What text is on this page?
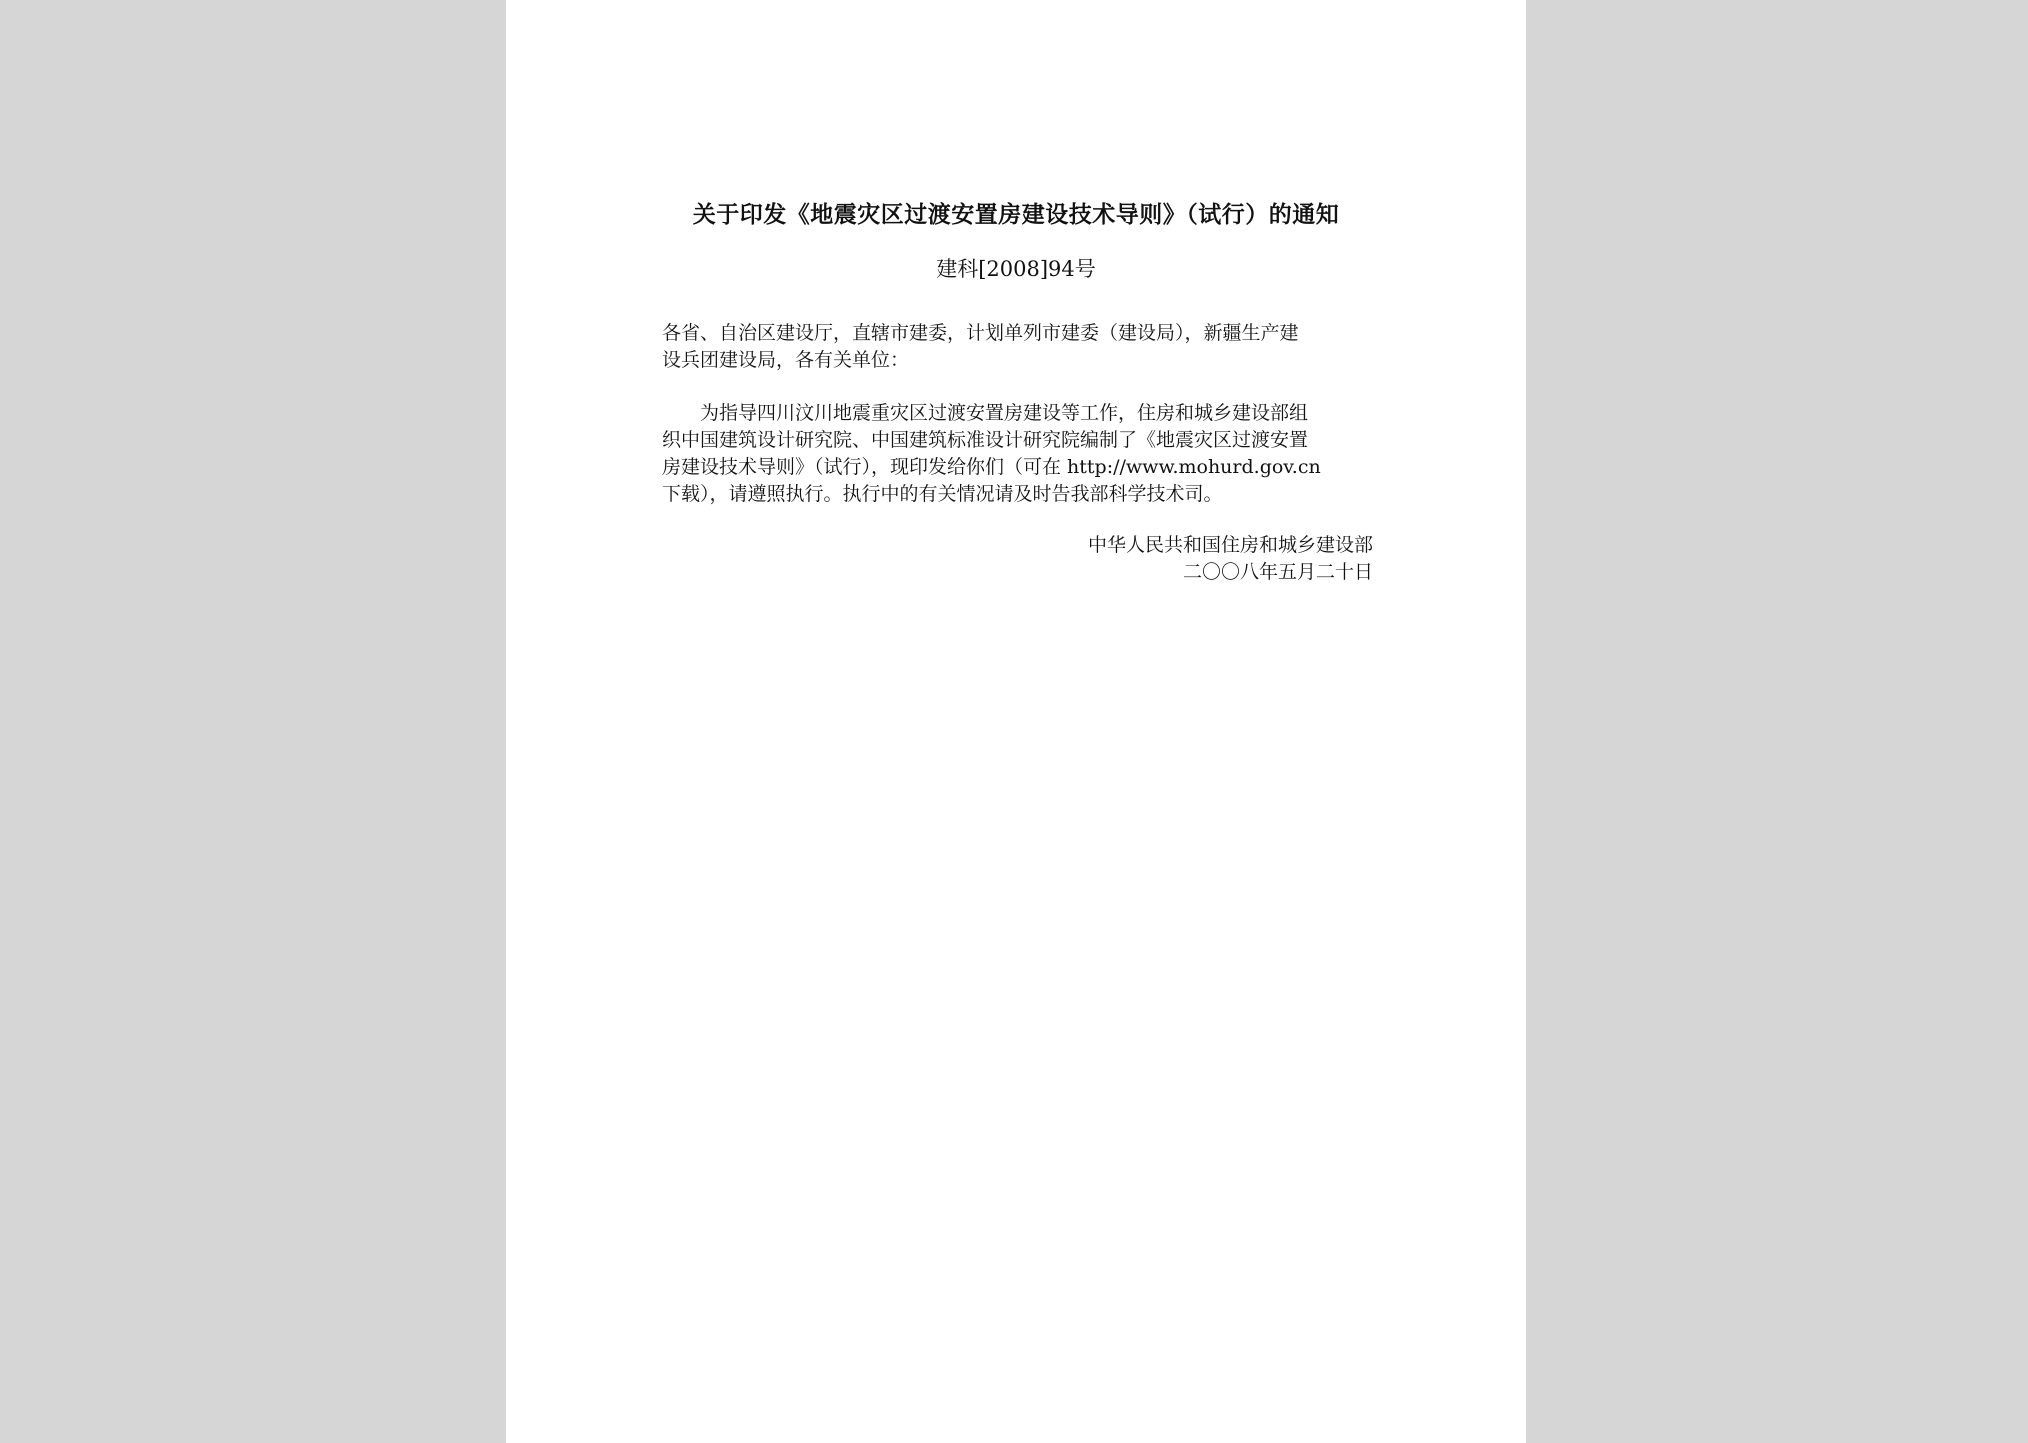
关于印发《地震灾区过渡安置房建设技术导则》（试行）的通知
建科[2008]94号
各省、自治区建设厅，直辖市建委，计划单列市建委（建设局），新疆生产建
设兵团建设局，各有关单位：
为指导四川汶川地震重灾区过渡安置房建设等工作，住房和城乡建设部组
织中国建筑设计研究院、中国建筑标准设计研究院编制了《地震灾区过渡安置
房建设技术导则》（试行），现印发给你们（可在 http://www.mohurd.gov.cn
下载），请遵照执行。执行中的有关情况请及时告我部科学技术司。
中华人民共和国住房和城乡建设部
二〇〇八年五月二十日
